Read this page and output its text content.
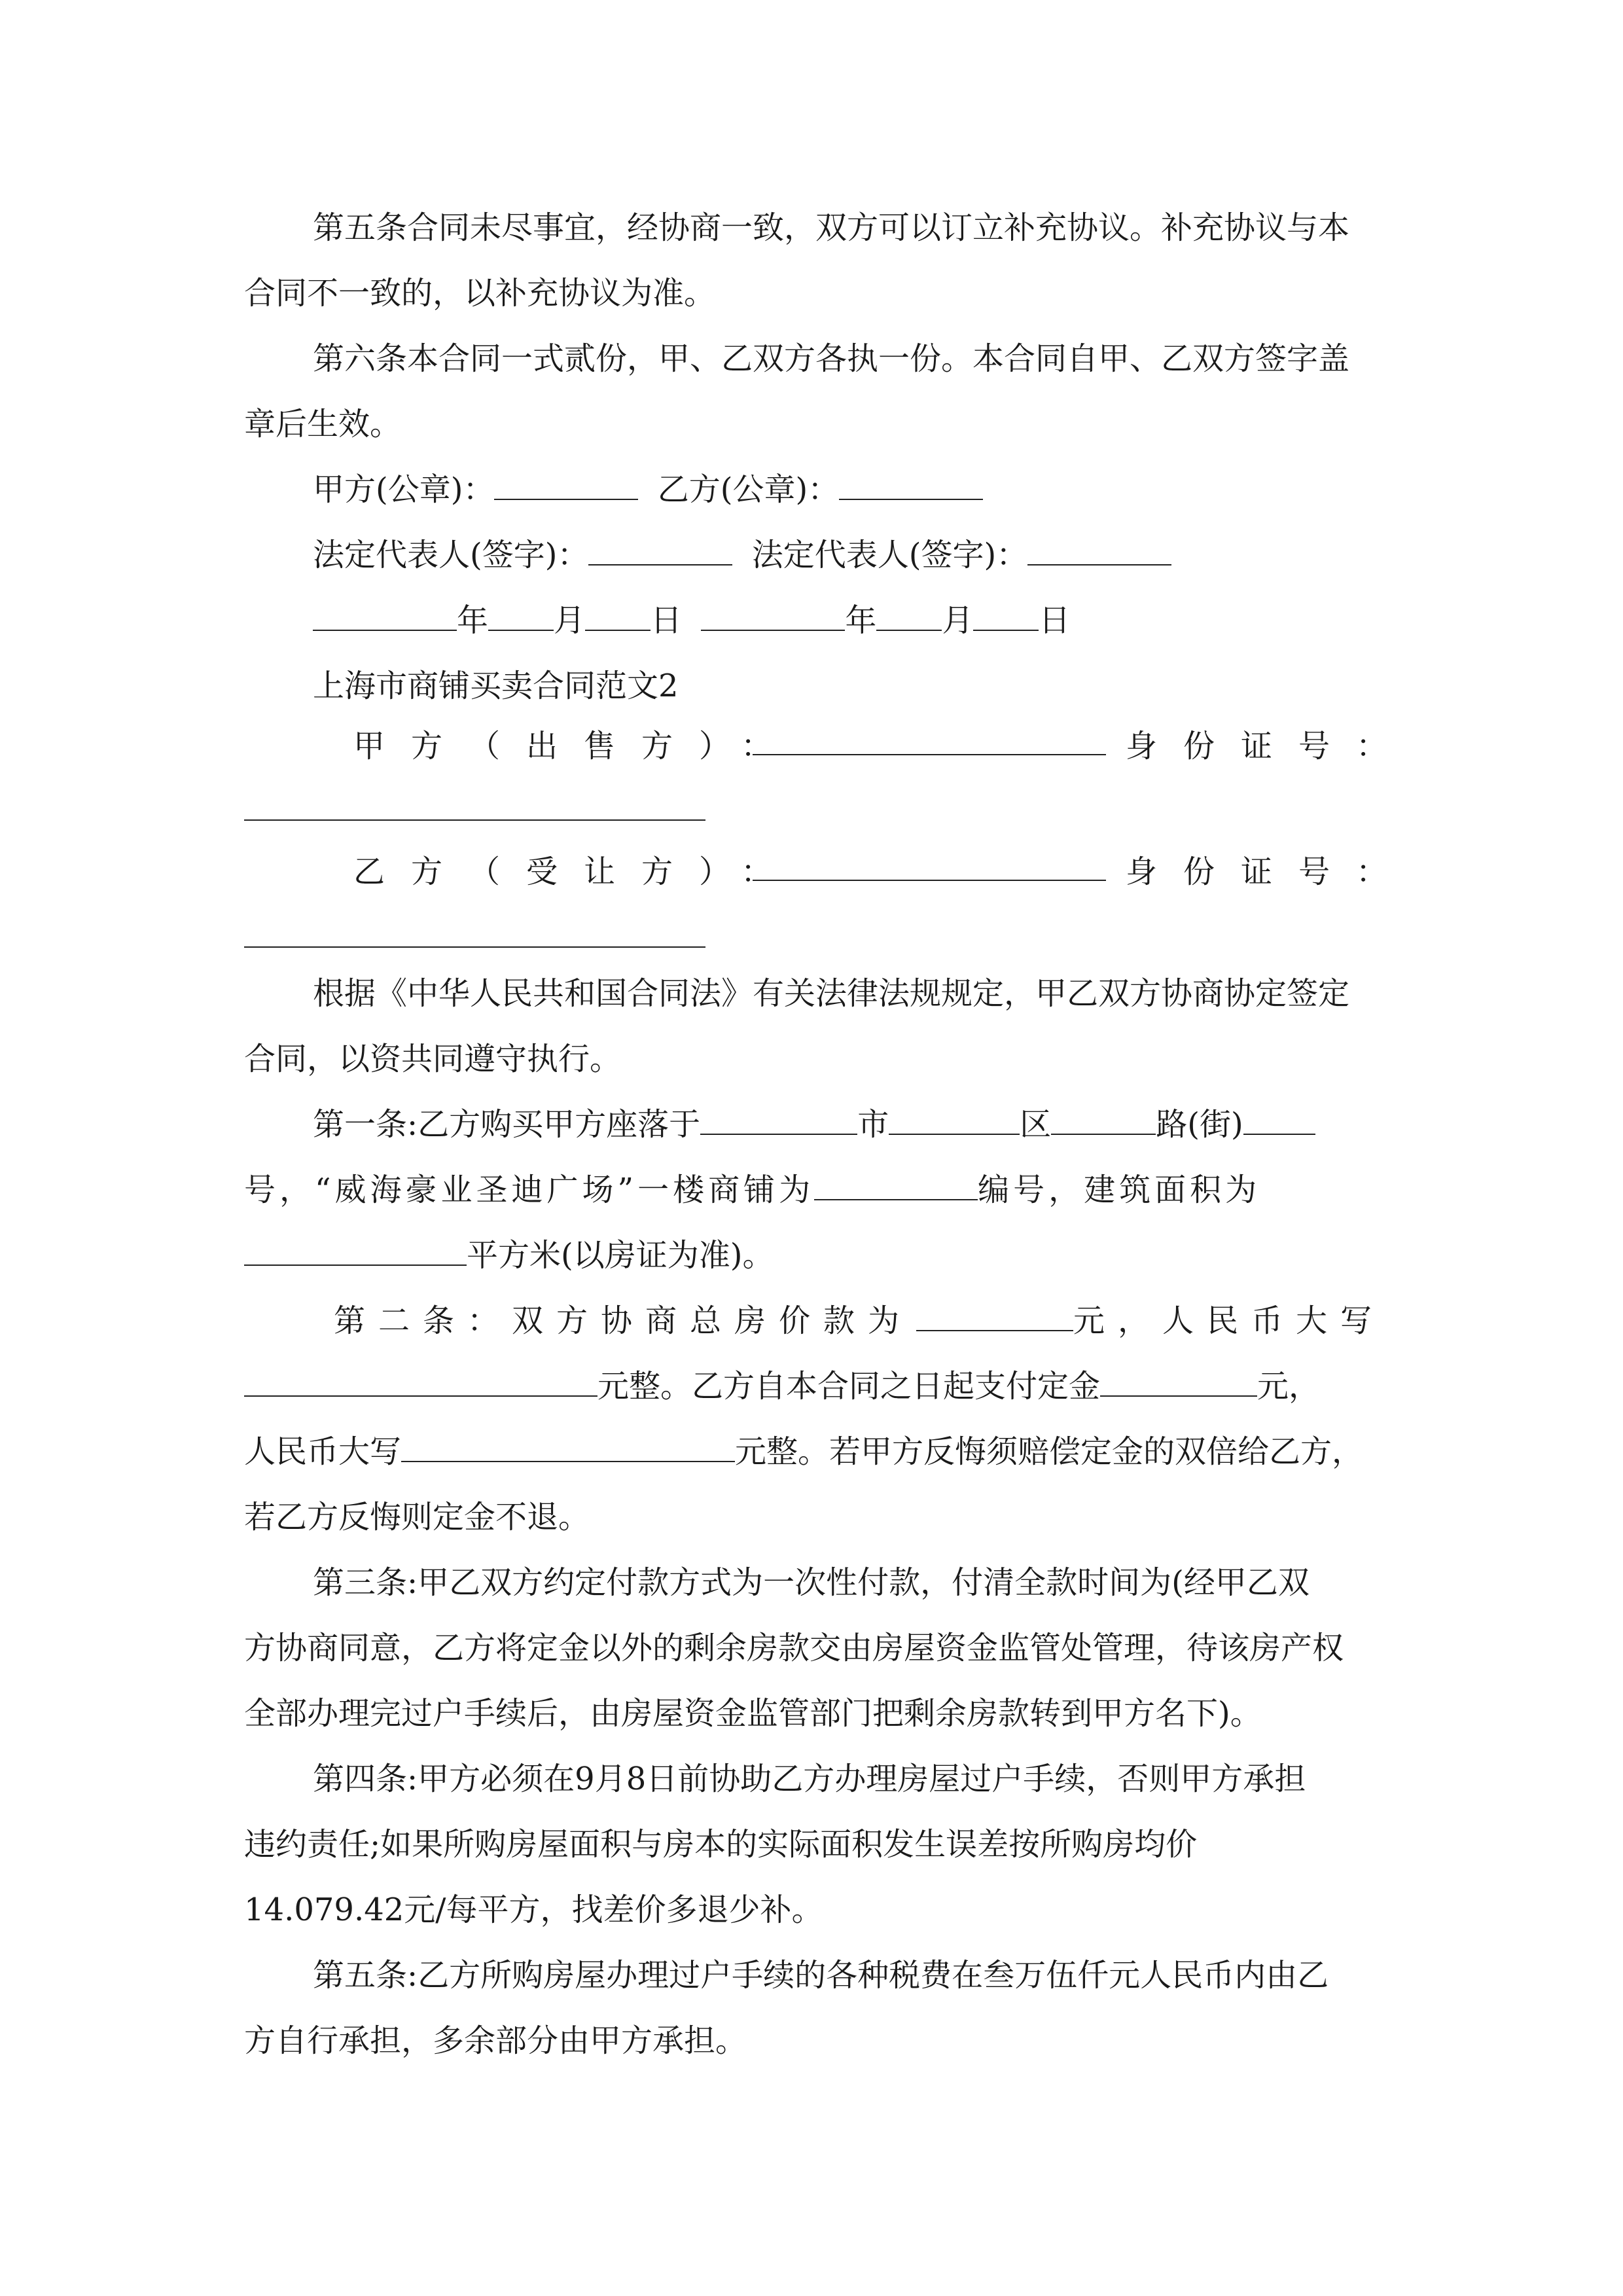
第五条合同未尽事宜，经协商一致，双方可以订立补充协议。补充协议与本
合同不一致的，以补充协议为准。
第六条本合同一式贰份，甲、乙双方各执一份。本合同自甲、乙双方签字盖
章后生效。
甲方(公章)：	乙方(公章)：
法定代表人(签字)：	法定代表人(签字)：
年 月 日	年 月 日
上海市商铺买卖合同范文2
甲方（出售方）：	身份证号：
乙方（受让方）：	身份证号：
根据《中华人民共和国合同法》有关法律法规规定，甲乙双方协商协定签定
合同，以资共同遵守执行。
第一条:乙方购买甲方座落于	市	区	路(街)
号，“威海豪业圣迪广场”一楼商铺为	编号，建筑面积为
平方米(以房证为准)。
第二条：双方协商总房价款为	元，人民币大写
元整。乙方自本合同之日起支付定金	元，
人民币大写	元整。若甲方反悔须赔偿定金的双倍给乙方，
若乙方反悔则定金不退。
第三条:甲乙双方约定付款方式为一次性付款，付清全款时间为(经甲乙双
方协商同意，乙方将定金以外的剩余房款交由房屋资金监管处管理，待该房产权
全部办理完过户手续后，由房屋资金监管部门把剩余房款转到甲方名下)。
第四条:甲方必须在9月8日前协助乙方办理房屋过户手续，否则甲方承担
违约责任;如果所购房屋面积与房本的实际面积发生误差按所购房均价
14.079.42元/每平方，找差价多退少补。
第五条:乙方所购房屋办理过户手续的各种税费在叁万伍仟元人民币内由乙
方自行承担，多余部分由甲方承担。
